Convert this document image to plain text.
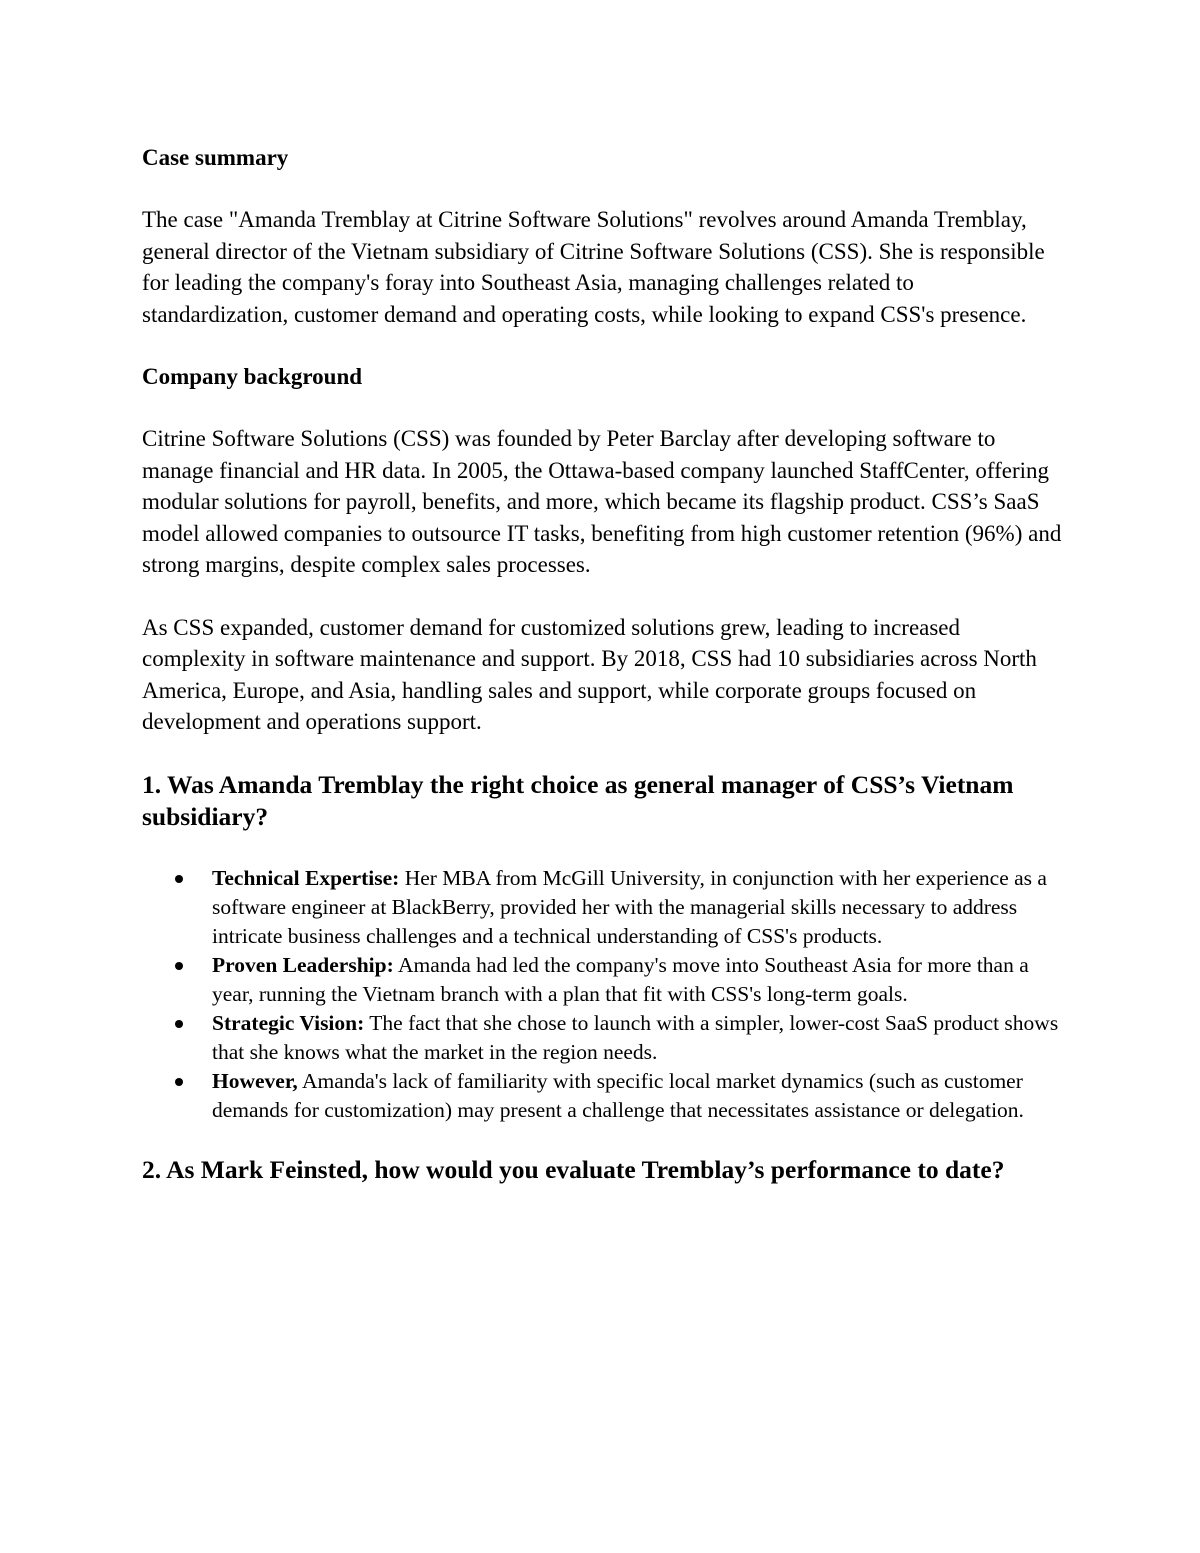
Case summary

The case "Amanda Tremblay at Citrine Software Solutions" revolves around Amanda Tremblay, general director of the Vietnam subsidiary of Citrine Software Solutions (CSS). She is responsible for leading the company's foray into Southeast Asia, managing challenges related to standardization, customer demand and operating costs, while looking to expand CSS's presence.

Company background

Citrine Software Solutions (CSS) was founded by Peter Barclay after developing software to manage financial and HR data. In 2005, the Ottawa-based company launched StaffCenter, offering modular solutions for payroll, benefits, and more, which became its flagship product. CSS’s SaaS model allowed companies to outsource IT tasks, benefiting from high customer retention (96%) and strong margins, despite complex sales processes.

As CSS expanded, customer demand for customized solutions grew, leading to increased complexity in software maintenance and support. By 2018, CSS had 10 subsidiaries across North America, Europe, and Asia, handling sales and support, while corporate groups focused on development and operations support.

1. Was Amanda Tremblay the right choice as general manager of CSS’s Vietnam subsidiary?
Technical Expertise: Her MBA from McGill University, in conjunction with her experience as a software engineer at BlackBerry, provided her with the managerial skills necessary to address intricate business challenges and a technical understanding of CSS's products.
Proven Leadership: Amanda had led the company's move into Southeast Asia for more than a year, running the Vietnam branch with a plan that fit with CSS's long-term goals.
Strategic Vision: The fact that she chose to launch with a simpler, lower-cost SaaS product shows that she knows what the market in the region needs.
However, Amanda's lack of familiarity with specific local market dynamics (such as customer demands for customization) may present a challenge that necessitates assistance or delegation.
2. As Mark Feinsted, how would you evaluate Tremblay’s performance to date?
